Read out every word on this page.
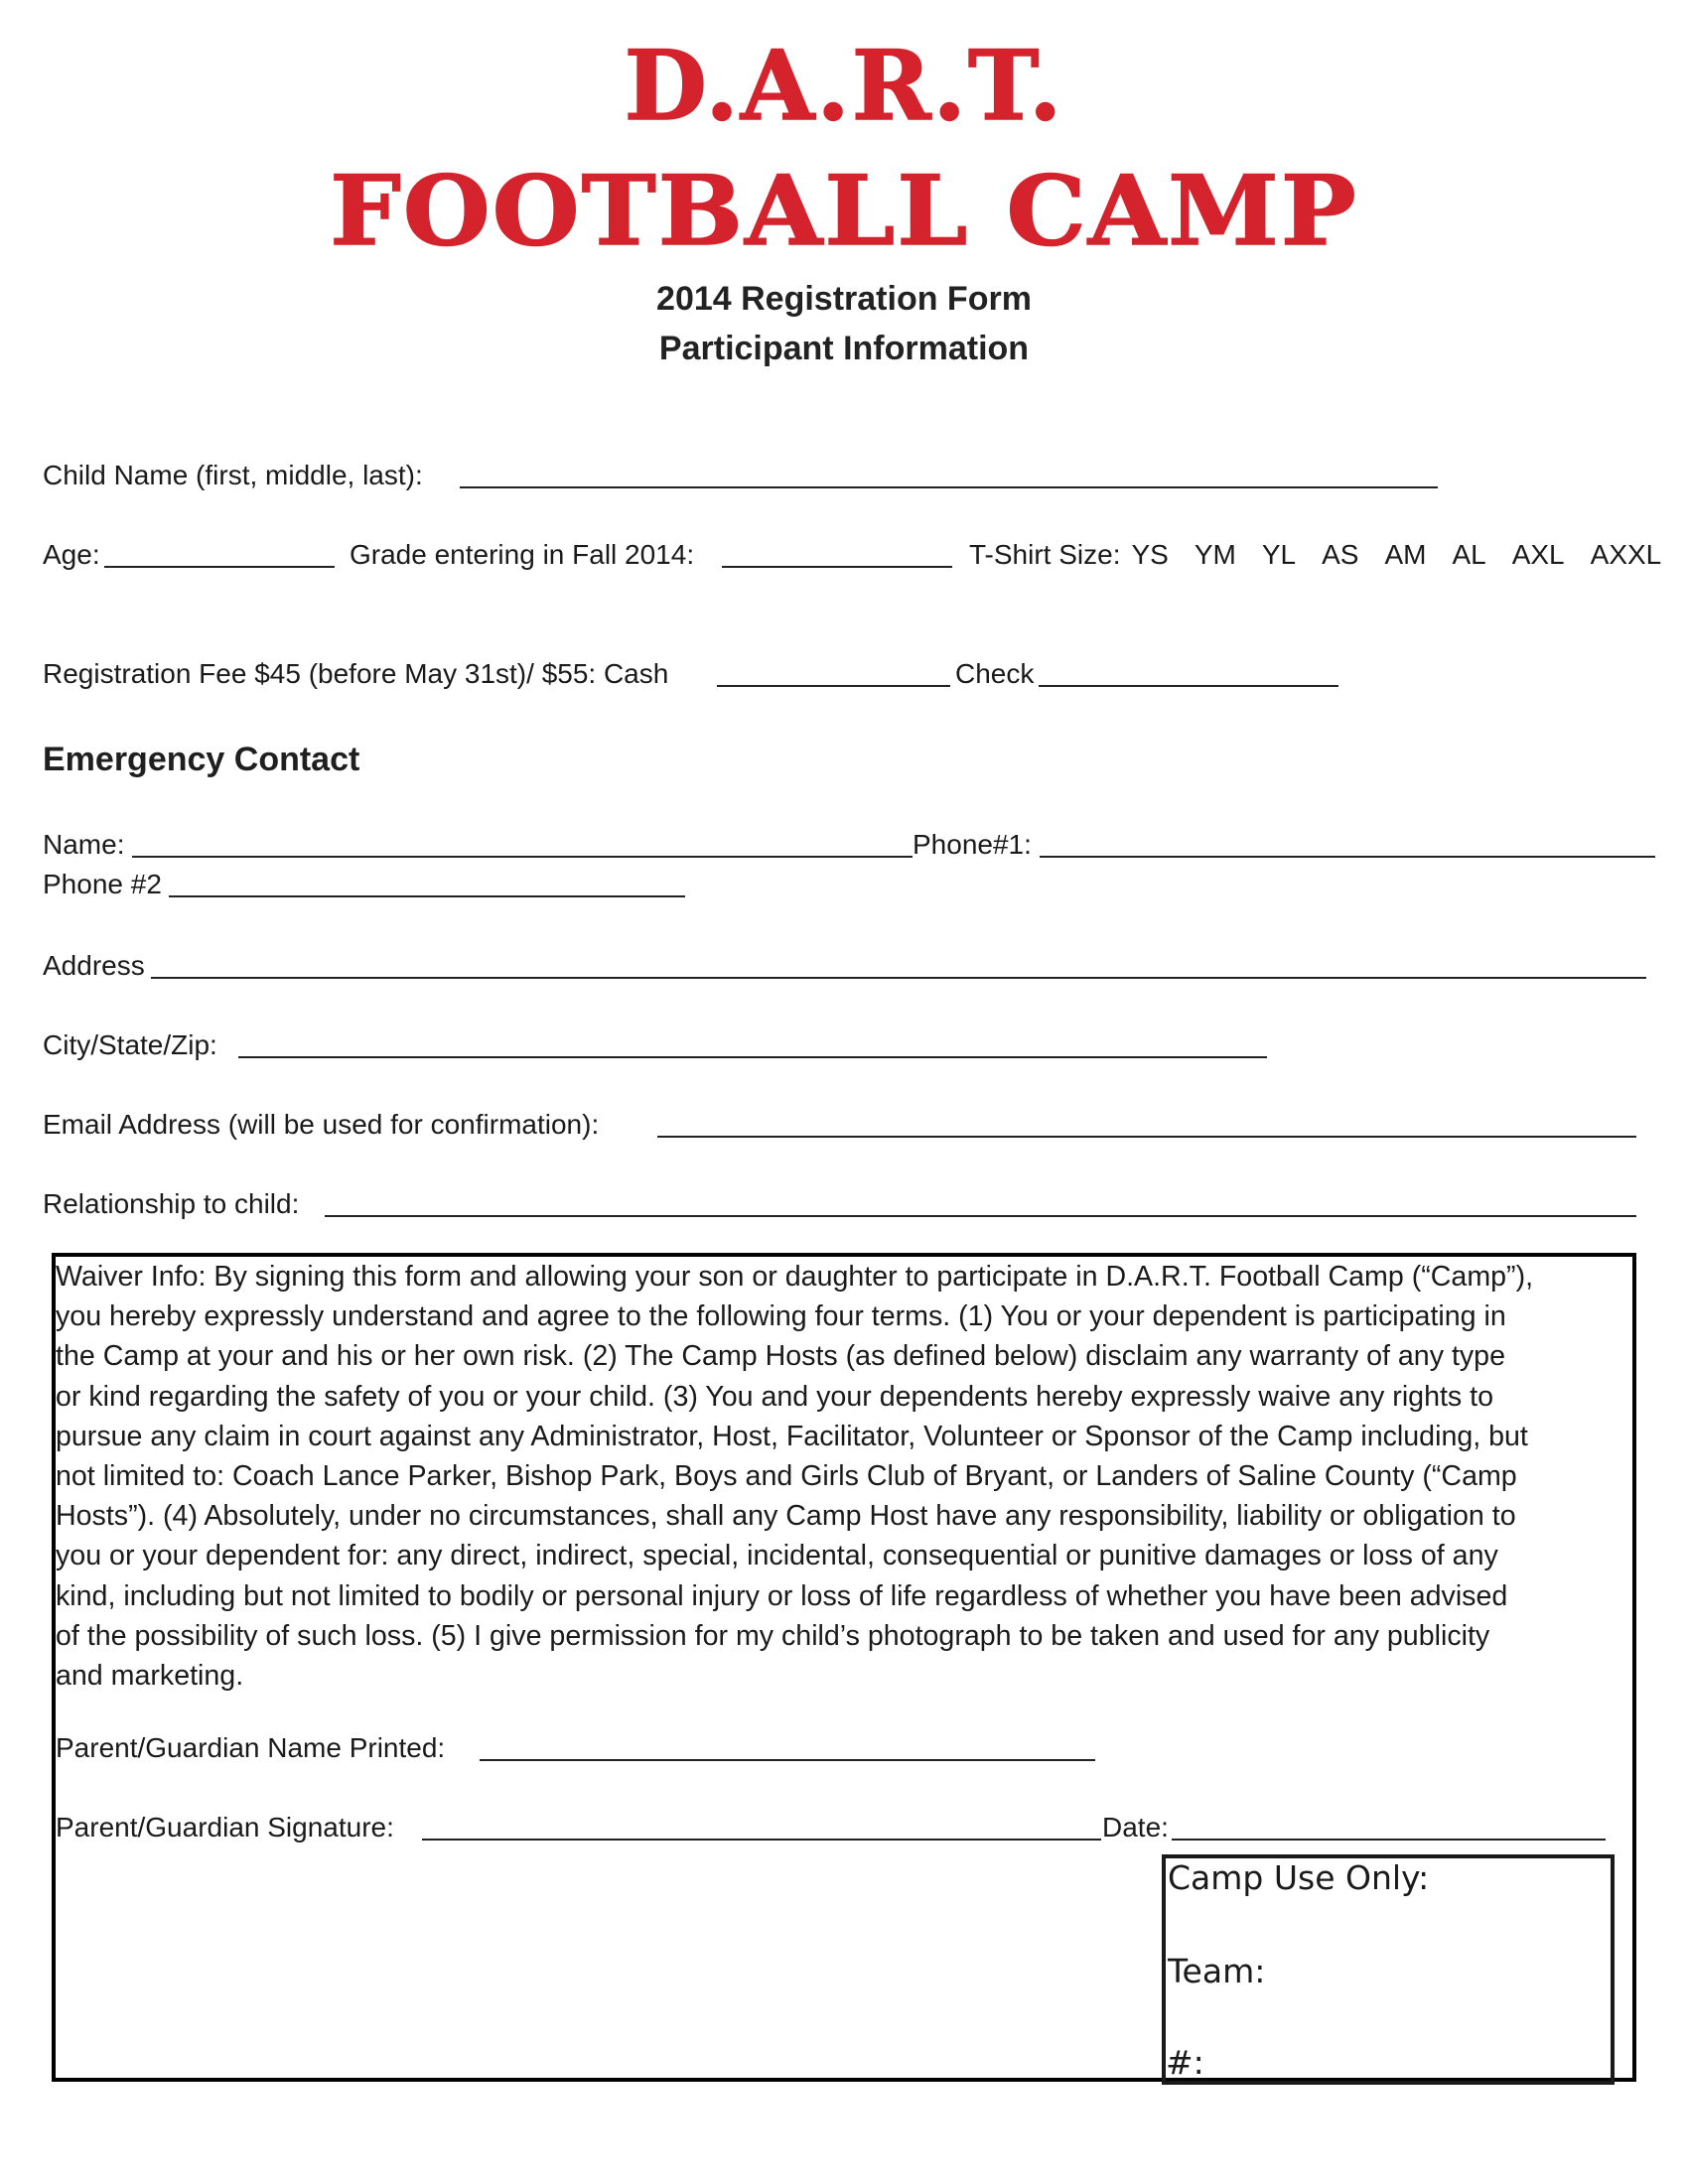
D.A.R.T.
FOOTBALL CAMP
2014 Registration Form
Participant Information
Child Name (first, middle, last):
Age:	Grade entering in Fall 2014:	T-Shirt Size: YS YM YL AS AM AL AXL AXXL
Registration Fee $45 (before May 31st)/ $55: Cash	Check
Emergency Contact
Name:	Phone#1:
Phone #2
Address
City/State/Zip:
Email Address (will be used for confirmation):
Relationship to child:
Waiver Info: By signing this form and allowing your son or daughter to participate in D.A.R.T. Football Camp (“Camp”),
you hereby expressly understand and agree to the following four terms. (1) You or your dependent is participating in
the Camp at your and his or her own risk. (2) The Camp Hosts (as defined below) disclaim any warranty of any type
or kind regarding the safety of you or your child. (3) You and your dependents hereby expressly waive any rights to
pursue any claim in court against any Administrator, Host, Facilitator, Volunteer or Sponsor of the Camp including, but
not limited to: Coach Lance Parker, Bishop Park, Boys and Girls Club of Bryant, or Landers of Saline County (“Camp
Hosts”). (4) Absolutely, under no circumstances, shall any Camp Host have any responsibility, liability or obligation to
you or your dependent for: any direct, indirect, special, incidental, consequential or punitive damages or loss of any
kind, including but not limited to bodily or personal injury or loss of life regardless of whether you have been advised
of the possibility of such loss. (5) I give permission for my child’s photograph to be taken and used for any publicity
and marketing.
Parent/Guardian Name Printed:
Parent/Guardian Signature:	Date:
Camp Use Only:
Team:
#:
